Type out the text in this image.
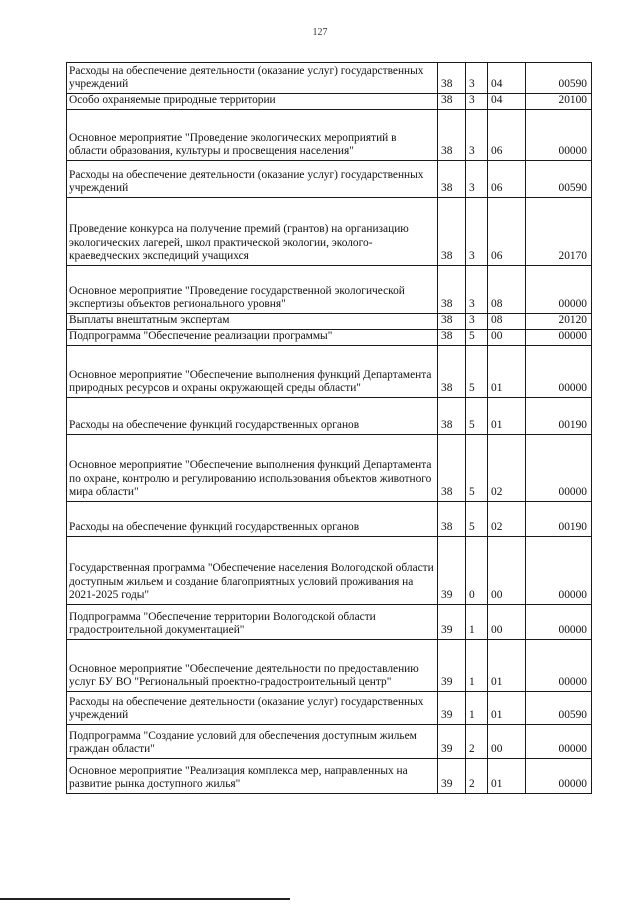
127
Расходы на обеспечение деятельности (оказание услуг) государственных учреждений	38	3	04	00590
Особо охраняемые природные территории	38	3	04	20100
Основное мероприятие "Проведение экологических мероприятий в области образования, культуры и просвещения населения"	38	3	06	00000
Расходы на обеспечение деятельности (оказание услуг) государственных учреждений	38	3	06	00590
Проведение конкурса на получение премий (грантов) на организацию экологических лагерей, школ практической экологии, эколого-краеведческих экспедиций учащихся	38	3	06	20170
Основное мероприятие "Проведение государственной экологической экспертизы объектов регионального уровня"	38	3	08	00000
Выплаты внештатным экспертам	38	3	08	20120
Подпрограмма "Обеспечение реализации программы"	38	5	00	00000
Основное мероприятие "Обеспечение выполнения функций Департамента природных ресурсов и охраны окружающей среды области"	38	5	01	00000
Расходы на обеспечение функций государственных органов	38	5	01	00190
Основное мероприятие "Обеспечение выполнения функций Департамента по охране, контролю и регулированию использования объектов животного мира области"	38	5	02	00000
Расходы на обеспечение функций государственных органов	38	5	02	00190
Государственная программа "Обеспечение населения Вологодской области доступным жильем и создание благоприятных условий проживания на 2021-2025 годы"	39	0	00	00000
Подпрограмма "Обеспечение территории Вологодской области градостроительной документацией"	39	1	00	00000
Основное мероприятие "Обеспечение деятельности по предоставлению услуг БУ ВО "Региональный проектно-градостроительный центр"	39	1	01	00000
Расходы на обеспечение деятельности (оказание услуг) государственных учреждений	39	1	01	00590
Подпрограмма "Создание условий для обеспечения доступным жильем граждан области"	39	2	00	00000
Основное мероприятие "Реализация комплекса мер, направленных на развитие рынка доступного жилья"	39	2	01	00000
